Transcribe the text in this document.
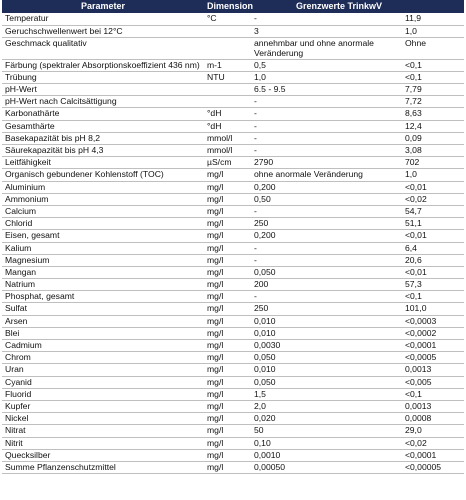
Parameter	Dimension	Grenzwerte TrinkwV	
Temperatur	°C	-	11,9
Geruchschwellenwert bei 12°C		3	1,0
Geschmack qualitativ		annehmbar und ohne anormale Veränderung	Ohne
Färbung (spektraler Absorptionskoeffizient 436 nm)	m-1	0,5	<0,1
Trübung	NTU	1,0	<0,1
pH-Wert		6.5 - 9.5	7,79
pH-Wert nach Calcitsättigung		-	7,72
Karbonathärte	°dH	-	8,63
Gesamthärte	°dH	-	12,4
Basekapazität bis pH 8,2	mmol/l	-	0,09
Säurekapazität bis pH 4,3	mmol/l	-	3,08
Leitfähigkeit	µS/cm	2790	702
Organisch gebundener Kohlenstoff (TOC)	mg/l	ohne anormale Veränderung	1,0
Aluminium	mg/l	0,200	<0,01
Ammonium	mg/l	0,50	<0,02
Calcium	mg/l	-	54,7
Chlorid	mg/l	250	51,1
Eisen, gesamt	mg/l	0,200	<0,01
Kalium	mg/l	-	6,4
Magnesium	mg/l	-	20,6
Mangan	mg/l	0,050	<0,01
Natrium	mg/l	200	57,3
Phosphat, gesamt	mg/l	-	<0,1
Sulfat	mg/l	250	101,0
Arsen	mg/l	0,010	<0,0003
Blei	mg/l	0,010	<0,0002
Cadmium	mg/l	0,0030	<0,0001
Chrom	mg/l	0,050	<0,0005
Uran	mg/l	0,010	0,0013
Cyanid	mg/l	0,050	<0,005
Fluorid	mg/l	1,5	<0,1
Kupfer	mg/l	2,0	0,0013
Nickel	mg/l	0,020	0,0008
Nitrat	mg/l	50	29,0
Nitrit	mg/l	0,10	<0,02
Quecksilber	mg/l	0,0010	<0,0001
Summe Pflanzenschutzmittel	mg/l	0,00050	<0,00005
